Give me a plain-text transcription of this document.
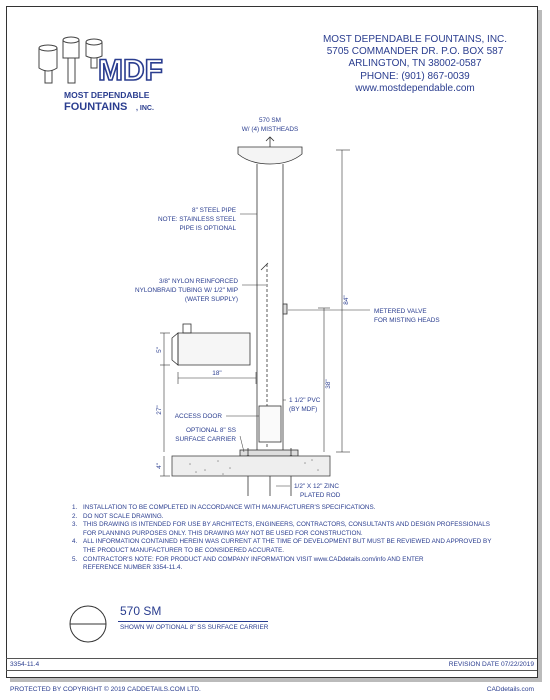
MDF
MOST DEPENDABLE
FOUNTAINS , INC.
MOST DEPENDABLE FOUNTAINS, INC.
5705 COMMANDER DR. P.O. BOX 587
ARLINGTON, TN 38002-0587
PHONE: (901) 867-0039
www.mostdependable.com
570 SM
W/ (4) MISTHEADS
8" STEEL PIPE
NOTE: STAINLESS STEEL
PIPE IS OPTIONAL
3/8" NYLON REINFORCED
NYLONBRAID TUBING W/ 1/2" MIP
(WATER SUPPLY)
METERED VALVE
FOR MISTING HEADS
1 1/2" PVC
(BY MDF)
ACCESS DOOR
OPTIONAL 8" SS
SURFACE CARRIER
1/2" X 12" ZINC
PLATED ROD
84"
38"
5"
18"
27"
4"
1. INSTALLATION TO BE COMPLETED IN ACCORDANCE WITH MANUFACTURER'S SPECIFICATIONS.
2. DO NOT SCALE DRAWING.
3. THIS DRAWING IS INTENDED FOR USE BY ARCHITECTS, ENGINEERS, CONTRACTORS, CONSULTANTS AND DESIGN PROFESSIONALS
FOR PLANNING PURPOSES ONLY. THIS DRAWING MAY NOT BE USED FOR CONSTRUCTION.
4. ALL INFORMATION CONTAINED HEREIN WAS CURRENT AT THE TIME OF DEVELOPMENT BUT MUST BE REVIEWED AND APPROVED BY
THE PRODUCT MANUFACTURER TO BE CONSIDERED ACCURATE.
5. CONTRACTOR'S NOTE: FOR PRODUCT AND COMPANY INFORMATION VISIT www.CADdetails.com/info AND ENTER
REFERENCE NUMBER 3354-11.4.
570 SM
SHOWN W/ OPTIONAL 8" SS SURFACE CARRIER
3354-11.4	REVISION DATE 07/22/2019
PROTECTED BY COPYRIGHT © 2019 CADDETAILS.COM LTD.	CADdetails.com
